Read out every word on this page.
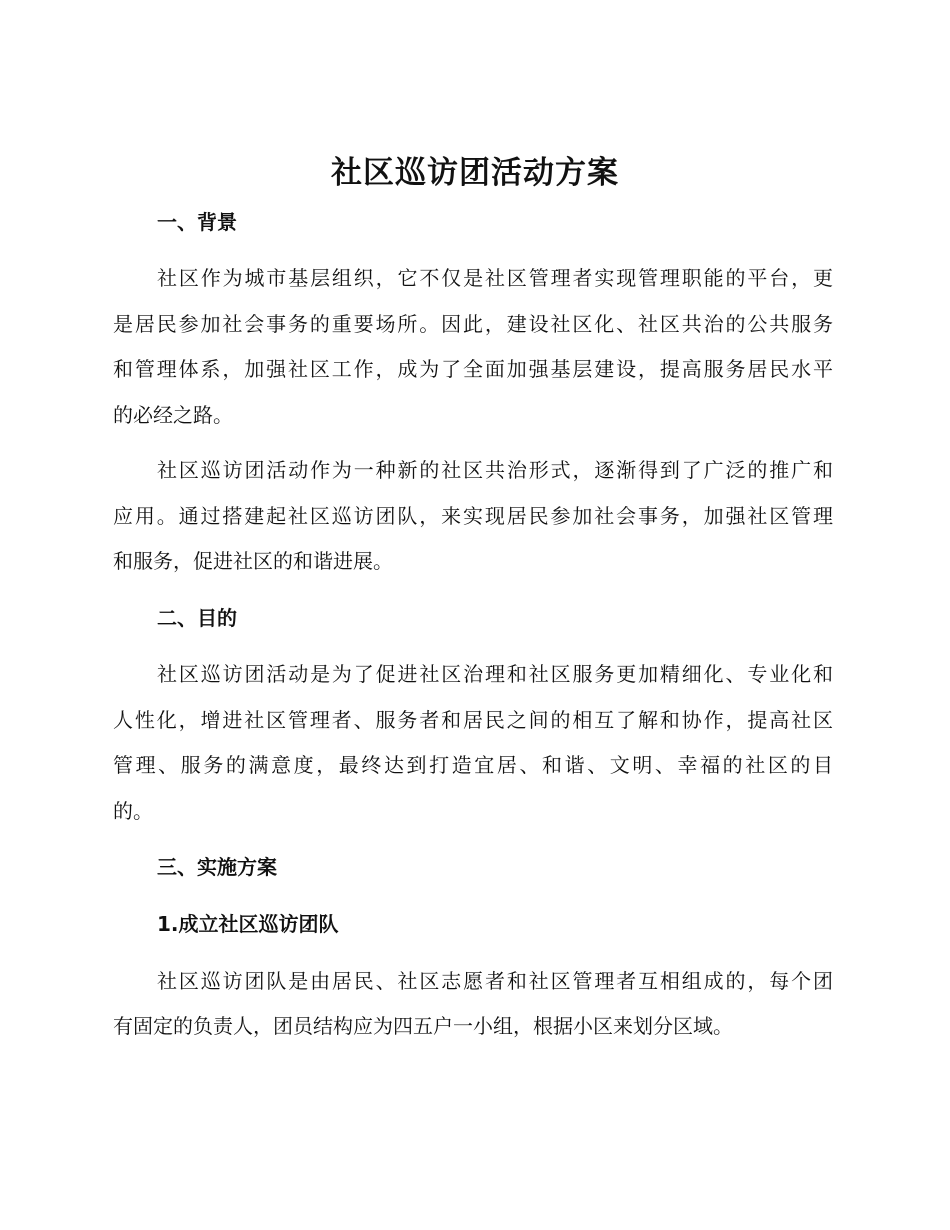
社区巡访团活动方案
一、背景
社区作为城市基层组织，它不仅是社区管理者实现管理职能的平台，更
是居民参加社会事务的重要场所。因此，建设社区化、社区共治的公共服务
和管理体系，加强社区工作，成为了全面加强基层建设，提高服务居民水平
的必经之路。
社区巡访团活动作为一种新的社区共治形式，逐渐得到了广泛的推广和
应用。通过搭建起社区巡访团队，来实现居民参加社会事务，加强社区管理
和服务，促进社区的和谐进展。
二、目的
社区巡访团活动是为了促进社区治理和社区服务更加精细化、专业化和
人性化，增进社区管理者、服务者和居民之间的相互了解和协作，提高社区
管理、服务的满意度，最终达到打造宜居、和谐、文明、幸福的社区的目
的。
三、实施方案
1.成立社区巡访团队
社区巡访团队是由居民、社区志愿者和社区管理者互相组成的，每个团
有固定的负责人，团员结构应为四五户一小组，根据小区来划分区域。
